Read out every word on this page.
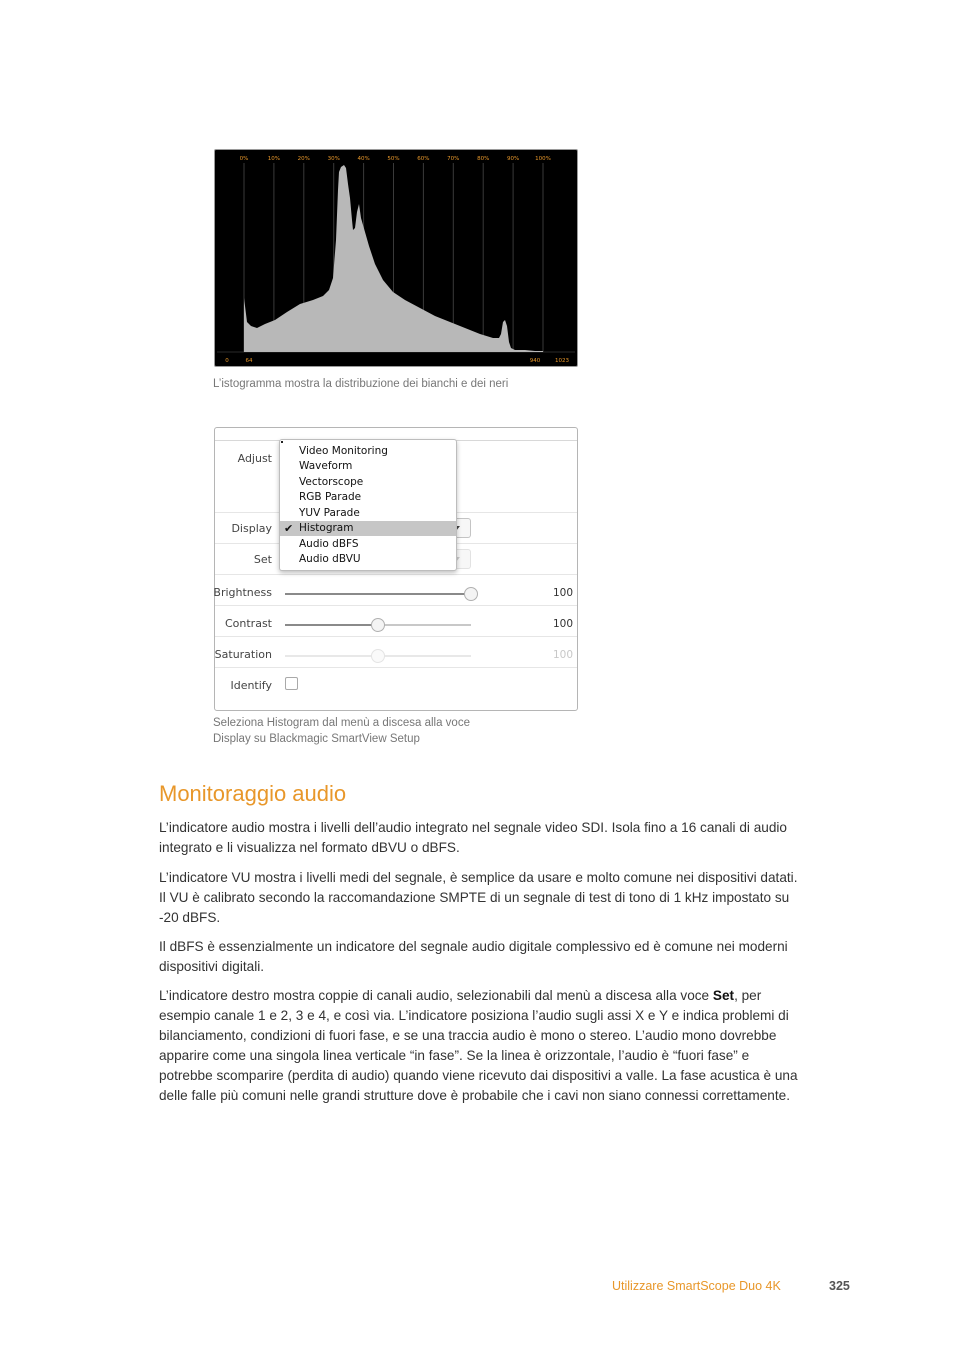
0%	10%	20%	30%	40%	50%	60%	70%	80%	90%	100%
0	64	940	1023
L’istogramma mostra la distribuzione dei bianchi e dei neri
Adjust
Display
Set
Brightness	100
Contrast	100
Saturation	100
Identify
Video Monitoring
Waveform
Vectorscope
RGB Parade
YUV Parade
✔ Histogram
Audio dBFS
Audio dBVU
Seleziona Histogram dal menù a discesa alla voce
Display su Blackmagic SmartView Setup
Monitoraggio audio

L’indicatore audio mostra i livelli dell’audio integrato nel segnale video SDI. Isola fino a 16 canali di audio integrato e li visualizza nel formato dBVU o dBFS.

L’indicatore VU mostra i livelli medi del segnale, è semplice da usare e molto comune nei dispositivi datati. Il VU è calibrato secondo la raccomandazione SMPTE di un segnale di test di tono di 1 kHz impostato su -20 dBFS.

Il dBFS è essenzialmente un indicatore del segnale audio digitale complessivo ed è comune nei moderni dispositivi digitali.

L’indicatore destro mostra coppie di canali audio, selezionabili dal menù a discesa alla voce Set, per esempio canale 1 e 2, 3 e 4, e così via. L’indicatore posiziona l’audio sugli assi X e Y e indica problemi di bilanciamento, condizioni di fuori fase, e se una traccia audio è mono o stereo. L’audio mono dovrebbe apparire come una singola linea verticale “in fase”. Se la linea è orizzontale, l’audio è “fuori fase” e potrebbe scomparire (perdita di audio) quando viene ricevuto dai dispositivi a valle. La fase acustica è una delle falle più comuni nelle grandi strutture dove è probabile che i cavi non siano connessi correttamente.

Utilizzare SmartScope Duo 4K	325
